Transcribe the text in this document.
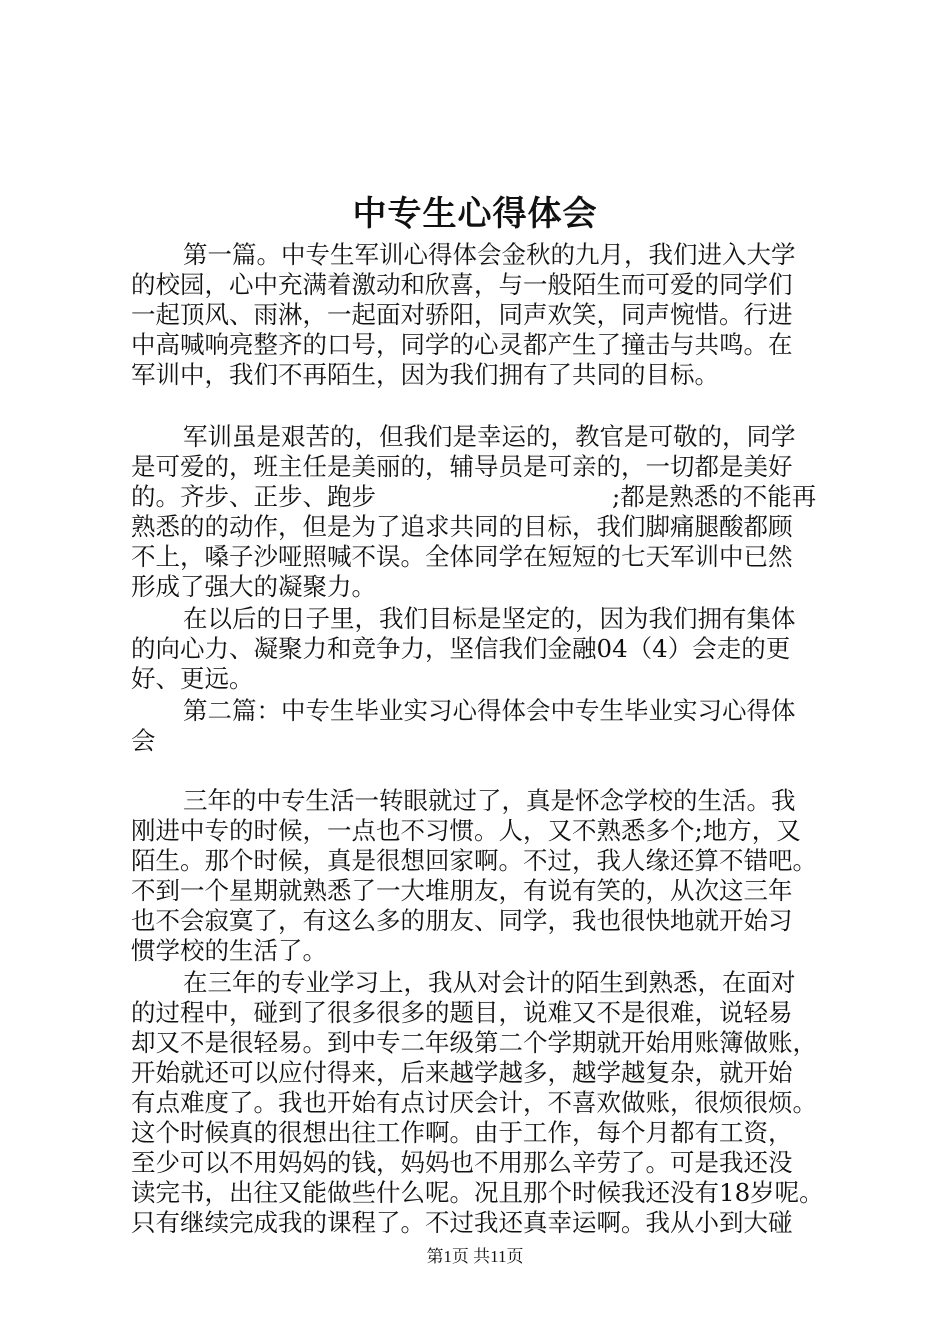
中专生心得体会
第一篇。中专生军训心得体会金秋的九月，我们进入大学
的校园，心中充满着激动和欣喜，与一般陌生而可爱的同学们
一起顶风、雨淋，一起面对骄阳，同声欢笑，同声惋惜。行进
中高喊响亮整齐的口号，同学的心灵都产生了撞击与共鸣。在
军训中，我们不再陌生，因为我们拥有了共同的目标。
军训虽是艰苦的，但我们是幸运的，教官是可敬的，同学
是可爱的，班主任是美丽的，辅导员是可亲的，一切都是美好
的。齐步、正步、跑步	;都是熟悉的不能再
熟悉的的动作，但是为了追求共同的目标，我们脚痛腿酸都顾
不上，嗓子沙哑照喊不误。全体同学在短短的七天军训中已然
形成了强大的凝聚力。
在以后的日子里，我们目标是坚定的，因为我们拥有集体
的向心力、凝聚力和竞争力，坚信我们金融04（4）会走的更
好、更远。
第二篇：中专生毕业实习心得体会中专生毕业实习心得体
会
三年的中专生活一转眼就过了，真是怀念学校的生活。我
刚进中专的时候，一点也不习惯。人，又不熟悉多个;地方，又
陌生。那个时候，真是很想回家啊。不过，我人缘还算不错吧。
不到一个星期就熟悉了一大堆朋友，有说有笑的，从次这三年
也不会寂寞了，有这么多的朋友、同学，我也很快地就开始习
惯学校的生活了。
在三年的专业学习上，我从对会计的陌生到熟悉，在面对
的过程中，碰到了很多很多的题目，说难又不是很难，说轻易
却又不是很轻易。到中专二年级第二个学期就开始用账簿做账，
开始就还可以应付得来，后来越学越多，越学越复杂，就开始
有点难度了。我也开始有点讨厌会计，不喜欢做账，很烦很烦。
这个时候真的很想出往工作啊。由于工作，每个月都有工资，
至少可以不用妈妈的钱，妈妈也不用那么辛劳了。可是我还没
读完书，出往又能做些什么呢。况且那个时候我还没有18岁呢。
只有继续完成我的课程了。不过我还真幸运啊。我从小到大碰
第1页 共11页
